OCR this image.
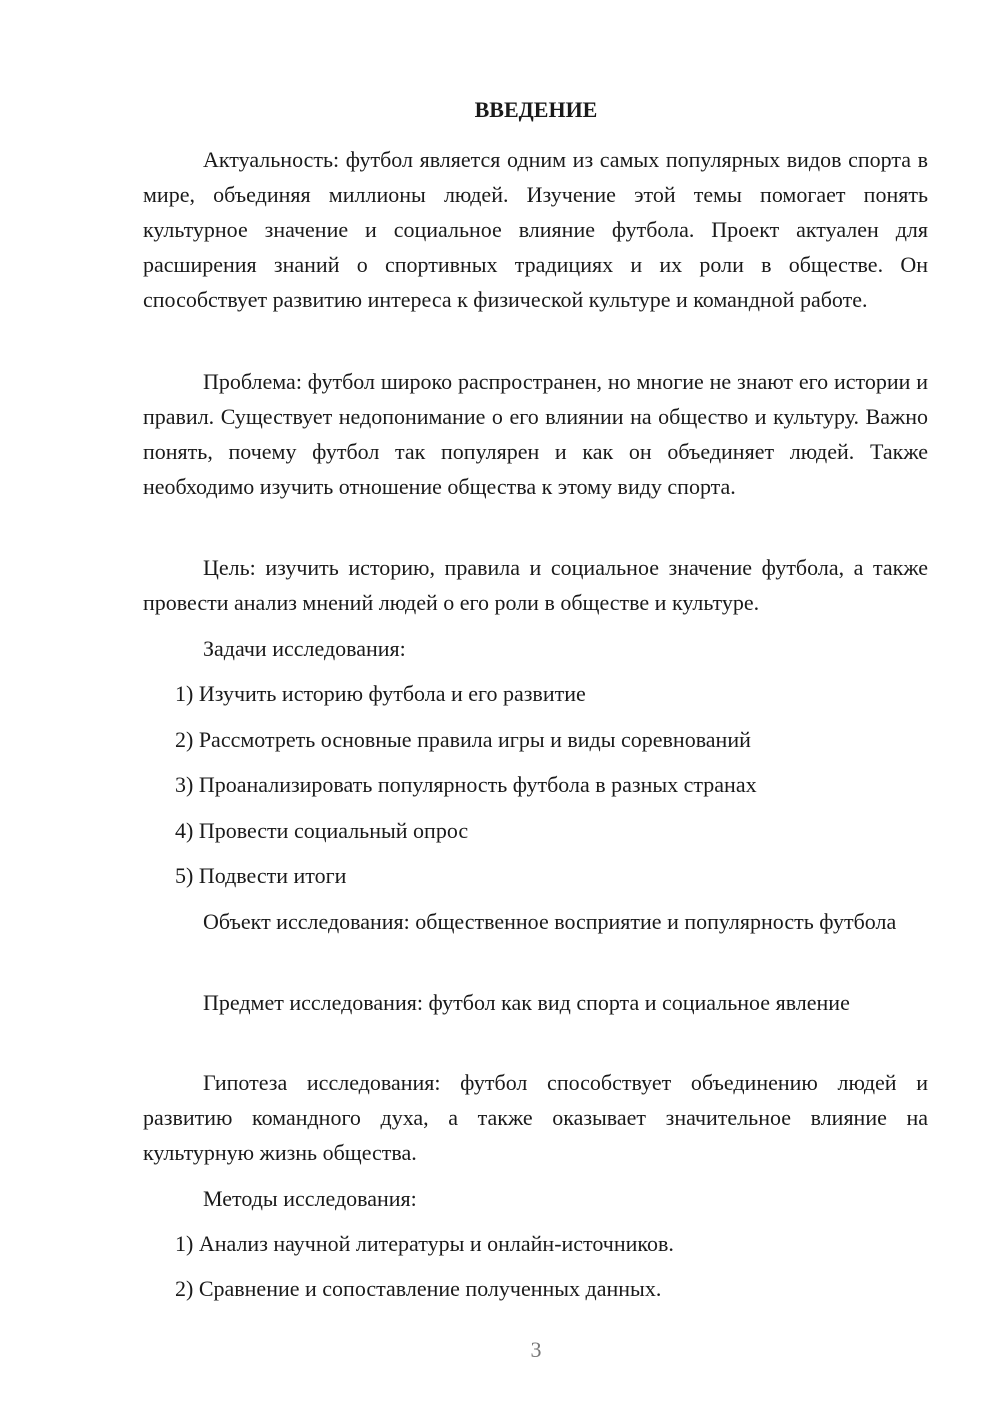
ВВЕДЕНИЕ

Актуальность: футбол является одним из самых популярных видов спорта в мире, объединяя миллионы людей. Изучение этой темы помогает понять культурное значение и социальное влияние футбола. Проект актуален для расширения знаний о спортивных традициях и их роли в обществе. Он способствует развитию интереса к физической культуре и командной работе.

Проблема: футбол широко распространен, но многие не знают его истории и правил. Существует недопонимание о его влиянии на общество и культуру. Важно понять, почему футбол так популярен и как он объединяет людей. Также необходимо изучить отношение общества к этому виду спорта.

Цель: изучить историю, правила и социальное значение футбола, а также провести анализ мнений людей о его роли в обществе и культуре.

Задачи исследования:

1) Изучить историю футбола и его развитие

2) Рассмотреть основные правила игры и виды соревнований

3) Проанализировать популярность футбола в разных странах

4) Провести социальный опрос

5) Подвести итоги

Объект исследования: общественное восприятие и популярность футбола

Предмет исследования: футбол как вид спорта и социальное явление

Гипотеза исследования: футбол способствует объединению людей и развитию командного духа, а также оказывает значительное влияние на культурную жизнь общества.

Методы исследования:

1) Анализ научной литературы и онлайн-источников.

2) Сравнение и сопоставление полученных данных.

3
